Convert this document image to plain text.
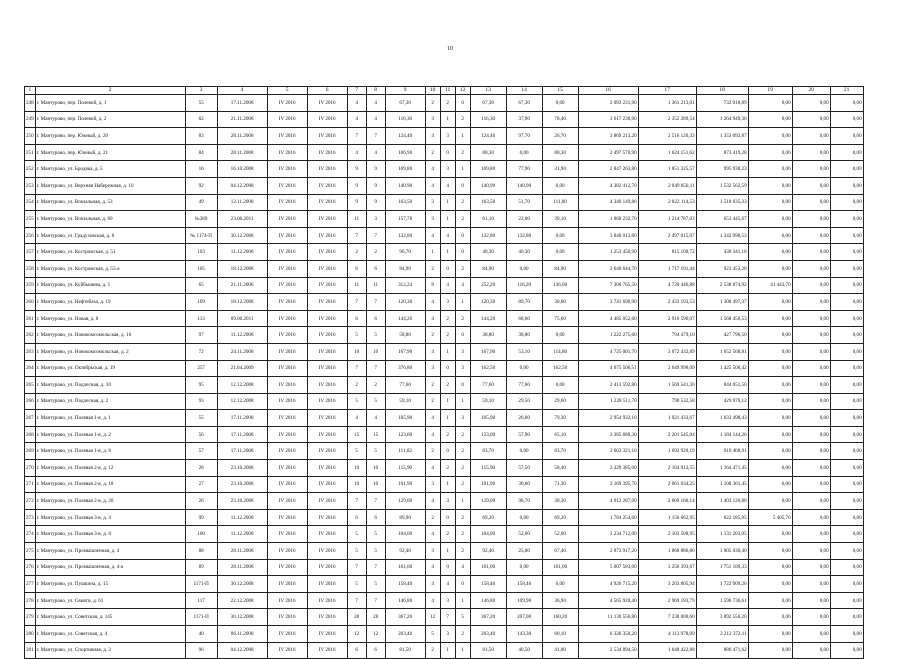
10
1	2	3	4	5	6	7	8	9	10	11	12	13	14	15	16	17	18	19	20	21
248	г. Мантурово, пер. Полевой, д. 1	55	17.11.2008	IV 2016	IV 2016	4	4	67,30	2	2	0	67,30	67,30	0,00	2 093 231,90	1 361 213,01	732 018,89	0,00	0,00	0,00
249	г. Мантурово, пер. Полевой, д. 2	62	21.11.2008	IV 2016	IV 2016	4	4	116,30	3	1	2	116,30	37,90	78,40	3 617 238,90	2 352 289,54	1 264 949,36	0,00	0,00	0,00
250	г. Мантурово, пер. Южный, д. 20	83	28.11.2008	IV 2016	IV 2016	7	7	124,40	4	3	1	124,40	97,70	26,70	3 869 213,20	2 516 120,33	1 353 092,87	0,00	0,00	0,00
251	г. Мантурово, пер. Южный, д. 21	84	28.11.2008	IV 2016	IV 2016	4	4	106,90	2	0	2	80,30	0,00	80,30	2 497 570,90	1 624 151,62	873 419,28	0,00	0,00	0,00
252	г. Мантурово, ул. Бродяка, д. 5	16	16.10.2008	IV 2016	IV 2016	9	9	109,80	4	3	1	109,80	77,90	31,90	2 847 263,80	1 851 325,57	995 938,23	0,00	0,00	0,00
253	г. Мантурово, ул. Верхняя Набережная, д. 10	92	04.12.2008	IV 2016	IV 2016	9	9	140,90	4	4	0	140,90	140,90	0,00	4 382 412,70	2 849 850,11	1 532 562,59	0,00	0,00	0,00
254	г. Мантурово, ул. Вокзальная, д. 53	49	12.11.2008	IV 2016	IV 2016	9	9	163,50	3	1	2	163,50	51,70	111,80	4 340 149,86	2 822 114,53	1 518 035,33	0,00	0,00	0,00
255	г. Мантурово, ул. Вокзальная, д. 60	№389	23.06.2011	IV 2016	IV 2016	11	3	157,78	3	1	2	61,10	22,00	39,10	1 868 232,70	1 214 787,03	653 445,67	0,00	0,00	0,00
256	г. Мантурово, ул. Градуховская, д. 8	№ 1174-П	30.12.2008	IV 2016	IV 2016	7	7	132,80	4	4	0	132,80	132,80	0,00	3 840 013,60	2 497 015,07	1 342 998,53	0,00	0,00	0,00
257	г. Мантурово, ул. Костромская, д. 51	103	11.12.2008	IV 2016	IV 2016	2	2	96,70	1	1	0	40,30	40,30	0,00	1 253 450,90	815 109,72	438 341,18	0,00	0,00	0,00
258	г. Мантурово, ул. Костромская, д. 55-а	105	18.12.2008	IV 2016	IV 2016	6	6	84,90	2	0	2	84,90	0,00	84,90	2 640 644,70	1 717 191,44	923 453,26	0,00	0,00	0,00
259	г. Мантурово, ул. Куйбышева, д. 1	65	21.11.2008	IV 2016	IV 2016	11	11	312,24	8	4	4	252,20	116,20	136,00	7 300 765,50	4 720 446,88	2 538 874,92	41 443,70	0,00	0,00
260	г. Мантурово, ул. Нефтебаза, д. 19	109	18.12.2008	IV 2016	IV 2016	7	7	120,30	4	3	1	120,30	89,70	30,60	3 741 690,90	2 433 193,53	1 308 497,37	0,00	0,00	0,00
261	г. Мантурово, ул. Новая, д. 8	113	09.06.2011	IV 2016	IV 2016	6	6	144,20	4	2	2	144,20	68,60	75,60	4 485 052,60	2 916 596,07	1 568 456,53	0,00	0,00	0,00
262	г. Мантурово, ул. Новокомсомольская, д. 16	97	11.12.2008	IV 2016	IV 2016	5	5	58,80	2	2	0	38,80	38,80	0,00	1 222 275,60	794 479,10	427 796,50	0,00	0,00	0,00
263	г. Мантурово, ул. Новокомсомольская, д. 2	72	24.11.2008	IV 2016	IV 2016	10	10	167,90	4	1	3	167,90	53,10	114,80	4 725 001,70	3 072 432,89	1 652 568,81	0,00	0,00	0,00
264	г. Мантурово, ул. Октябрьская, д. 19	257	21.04.2009	IV 2016	IV 2016	7	7	376,80	3	0	3	162,50	0,00	162,50	4 075 506,51	2 649 998,09	1 425 508,42	0,00	0,00	0,00
265	г. Мантурово, ул. Подлесная, д. 10	95	12.12.2008	IV 2016	IV 2016	2	2	77,60	2	2	0	77,60	77,60	0,00	2 413 592,80	1 569 541,30	844 051,50	0,00	0,00	0,00
266	г. Мантурово, ул. Подлесная, д. 2	93	12.12.2008	IV 2016	IV 2016	5	5	59,10	2	1	1	59,10	29,50	29,60	1 228 511,70	798 532,58	429 979,12	0,00	0,00	0,00
267	г. Мантурово, ул. Полевая 1-я, д. 1	55	17.11.2008	IV 2016	IV 2016	4	4	105,90	4	1	3	105,90	26,60	79,30	2 954 932,10	1 921 433,67	1 033 498,43	0,00	0,00	0,00
268	г. Мантурово, ул. Полевая 1-я, д. 2	56	17.11.2008	IV 2016	IV 2016	15	15	123,00	4	2	2	123,00	57,90	65,10	3 385 689,30	2 201 545,04	1 184 144,26	0,00	0,00	0,00
269	г. Мантурово, ул. Полевая 1-я, д. 8	57	17.11.2008	IV 2016	IV 2016	5	5	111,82	2	0	2	83,70	0,00	83,70	2 603 321,10	1 692 920,19	910 400,91	0,00	0,00	0,00
270	г. Мантурово, ул. Полевая 2-я, д. 12	28	23.10.2008	IV 2016	IV 2016	10	10	115,90	4	2	2	115,90	57,50	58,40	3 329 385,00	2 164 913,55	1 164 471,45	0,00	0,00	0,00
271	г. Мантурово, ул. Полевая 2-я, д. 18	27	23.10.2008	IV 2016	IV 2016	10	10	101,90	3	1	2	101,90	30,60	71,30	3 169 395,70	2 061 034,25	1 108 361,45	0,00	0,00	0,00
272	г. Мантурово, ул. Полевая 2-я, д. 20	26	23.10.2008	IV 2016	IV 2016	7	7	129,00	4	3	1	129,00	98,70	30,30	4 012 287,00	2 609 160,14	1 403 126,86	0,00	0,00	0,00
273	г. Мантурово, ул. Полевая 3-я, д. 4	99	11.12.2008	IV 2016	IV 2016	6	6	89,90	2	0	2	69,20	0,00	69,20	1 784 254,60	1 156 662,95	622 185,95	5 405,70	0,00	0,00
274	г. Мантурово, ул. Полевая 3-я, д. 8	100	11.12.2008	IV 2016	IV 2016	5	5	104,00	4	2	2	104,00	52,00	52,00	3 234 712,00	2 103 508,95	1 131 203,05	0,00	0,00	0,00
275	г. Мантурово, ул. Промышленная, д. 4	88	28.11.2008	IV 2016	IV 2016	5	5	92,40	3	1	2	92,40	25,00	67,40	2 873 917,20	1 868 886,80	1 005 030,40	0,00	0,00	0,00
276	г. Мантурово, ул. Промышленная, д. 4-а	89	28.11.2008	IV 2016	IV 2016	7	7	161,00	4	0	4	161,00	0,00	161,00	5 007 583,00	3 256 393,67	1 751 189,33	0,00	0,00	0,00
277	г. Мантурово, ул. Пушкина, д. 15	1171-П	30.12.2008	IV 2016	IV 2016	5	5	158,40	4	4	0	158,40	158,40	0,00	4 926 715,20	3 203 805,94	1 722 909,26	0,00	0,00	0,00
278	г. Мантурово, ул. Свияги, д. 61	117	22.12.2008	IV 2016	IV 2016	7	7	146,80	4	3	1	146,80	109,90	36,90	4 565 920,40	2 969 183,79	1 596 736,61	0,00	0,00	0,00
279	г. Мантурово, ул. Советская, д. 145	1171-П	30.12.2008	IV 2016	IV 2016	28	28	367,20	12	7	5	367,20	207,00	160,20	11 130 556,80	7 238 000,60	3 892 556,20	0,00	0,00	0,00
280	г. Мантурово, ул. Советская, д. 4	40	06.11.2008	IV 2016	IV 2016	12	12	203,40	5	3	2	203,40	143,30	60,10	6 326 350,20	4 113 978,09	2 212 372,11	0,00	0,00	0,00
281	г. Мантурово, ул. Спортивная, д. 2	96	04.12.2008	IV 2016	IV 2016	6	6	81,50	2	1	1	81,50	40,50	41,00	2 534 894,50	1 648 422,88	886 471,62	0,00	0,00	0,00
